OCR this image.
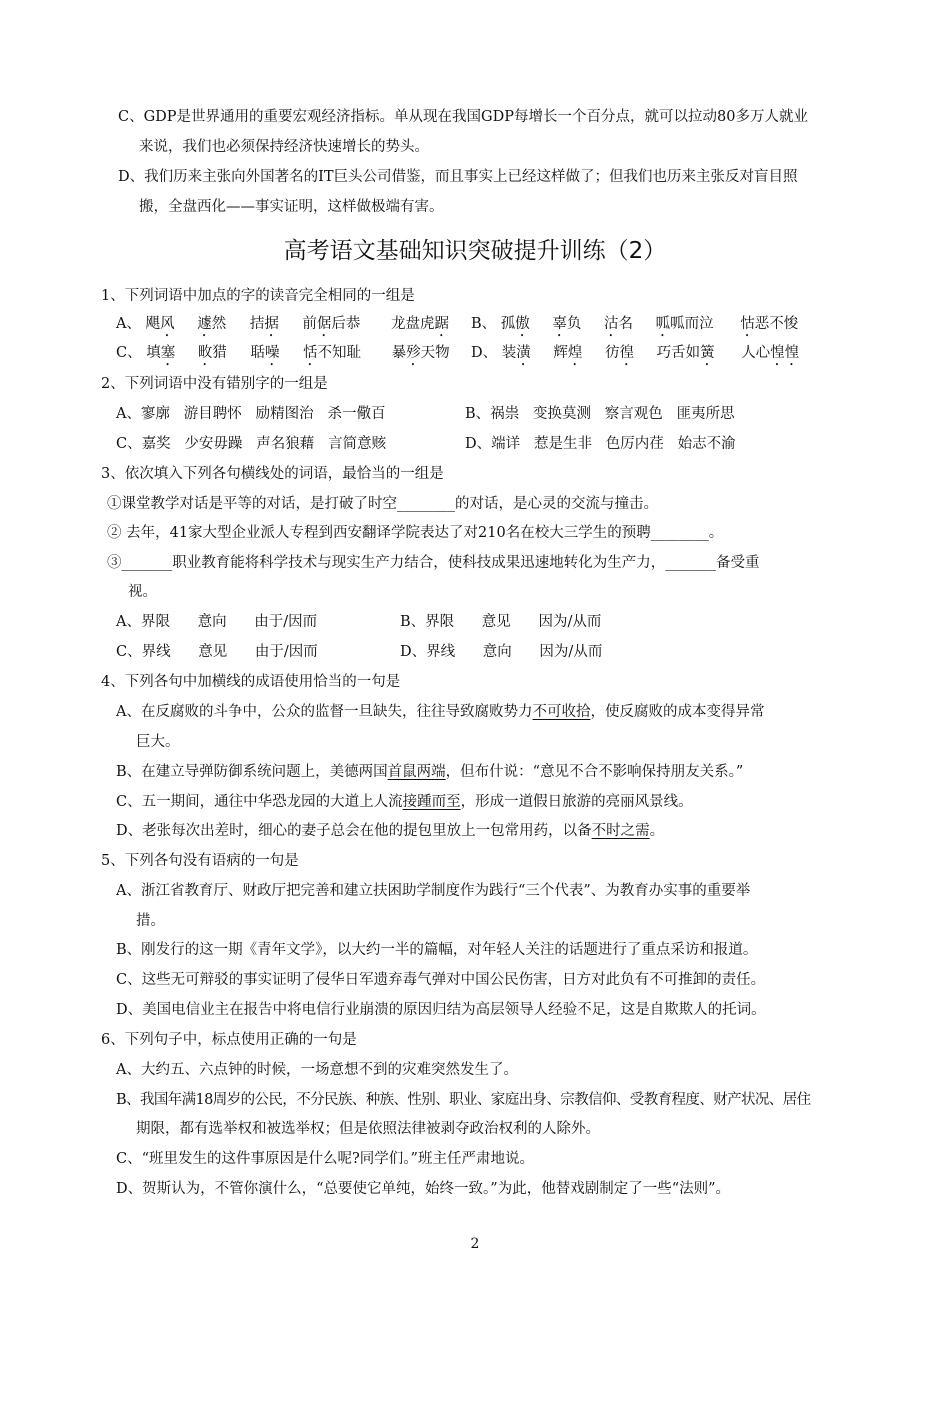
C、GDP是世界通用的重要宏观经济指标。单从现在我国GDP每增长一个百分点，就可以拉动80多万人就业
来说，我们也必须保持经济快速增长的势头。
D、我们历来主张向外国著名的IT巨头公司借鉴，而且事实上已经这样做了；但我们也历来主张反对盲目照
搬，全盘西化——事实证明，这样做极端有害。
高考语文基础知识突破提升训练（2）
1、下列词语中加点的字的读音完全相同的一组是
A、 飓风 遽然 拮据 前倨后恭 龙盘虎踞 B、 孤傲 辜负 沽名 呱呱而泣 怙恶不悛
C、 填塞 畋猎 聒噪 恬不知耻 暴殄天物 D、 装潢 辉煌 彷徨 巧舌如簧 人心惶惶
2、下列词语中没有错别字的一组是
A、寥廓   游目聘怀   励精图治   杀一儆百	B、祸祟   变换莫测   察言观色   匪夷所思
C、嘉奖   少安毋躁   声名狼藉   言简意赅	D、端详   惹是生非   色厉内荏   始志不渝
3、依次填入下列各句横线处的词语，最恰当的一组是
①课堂教学对话是平等的对话，是打破了时空________的对话，是心灵的交流与撞击。
② 去年，41家大型企业派人专程到西安翻译学院表达了对210名在校大三学生的预聘________。
③_______职业教育能将科学技术与现实生产力结合，使科技成果迅速地转化为生产力，_______备受重
视。
A、界限      意向      由于/因而	B、界限      意见      因为/从而
C、界线      意见      由于/因而	D、界线      意向      因为/从而
4、下列各句中加横线的成语使用恰当的一句是
A、在反腐败的斗争中，公众的监督一旦缺失，往往导致腐败势力不可收拾，使反腐败的成本变得异常
巨大。
B、在建立导弹防御系统问题上，美德两国首鼠两端，但布什说：“意见不合不影响保持朋友关系。”
C、五一期间，通往中华恐龙园的大道上人流接踵而至，形成一道假日旅游的亮丽风景线。
D、老张每次出差时，细心的妻子总会在他的提包里放上一包常用药，以备不时之需。
5、下列各句没有语病的一句是
A、浙江省教育厅、财政厅把完善和建立扶困助学制度作为践行“三个代表”、为教育办实事的重要举
措。
B、刚发行的这一期《青年文学》，以大约一半的篇幅，对年轻人关注的话题进行了重点采访和报道。
C、这些无可辩驳的事实证明了侵华日军遗弃毒气弹对中国公民伤害，日方对此负有不可推卸的责任。
D、美国电信业主在报告中将电信行业崩溃的原因归结为高层领导人经验不足，这是自欺欺人的托词。
6、下列句子中，标点使用正确的一句是
A、大约五、六点钟的时候，一场意想不到的灾难突然发生了。
B、我国年满18周岁的公民，不分民族、种族、性别、职业、家庭出身、宗教信仰、受教育程度、财产状况、居住
期限，都有选举权和被选举权；但是依照法律被剥夺政治权利的人除外。
C、“班里发生的这件事原因是什么呢?同学们。”班主任严肃地说。
D、贺斯认为，不管你演什么，“总要使它单纯，始终一致。”为此，他替戏剧制定了一些“法则”。
2
